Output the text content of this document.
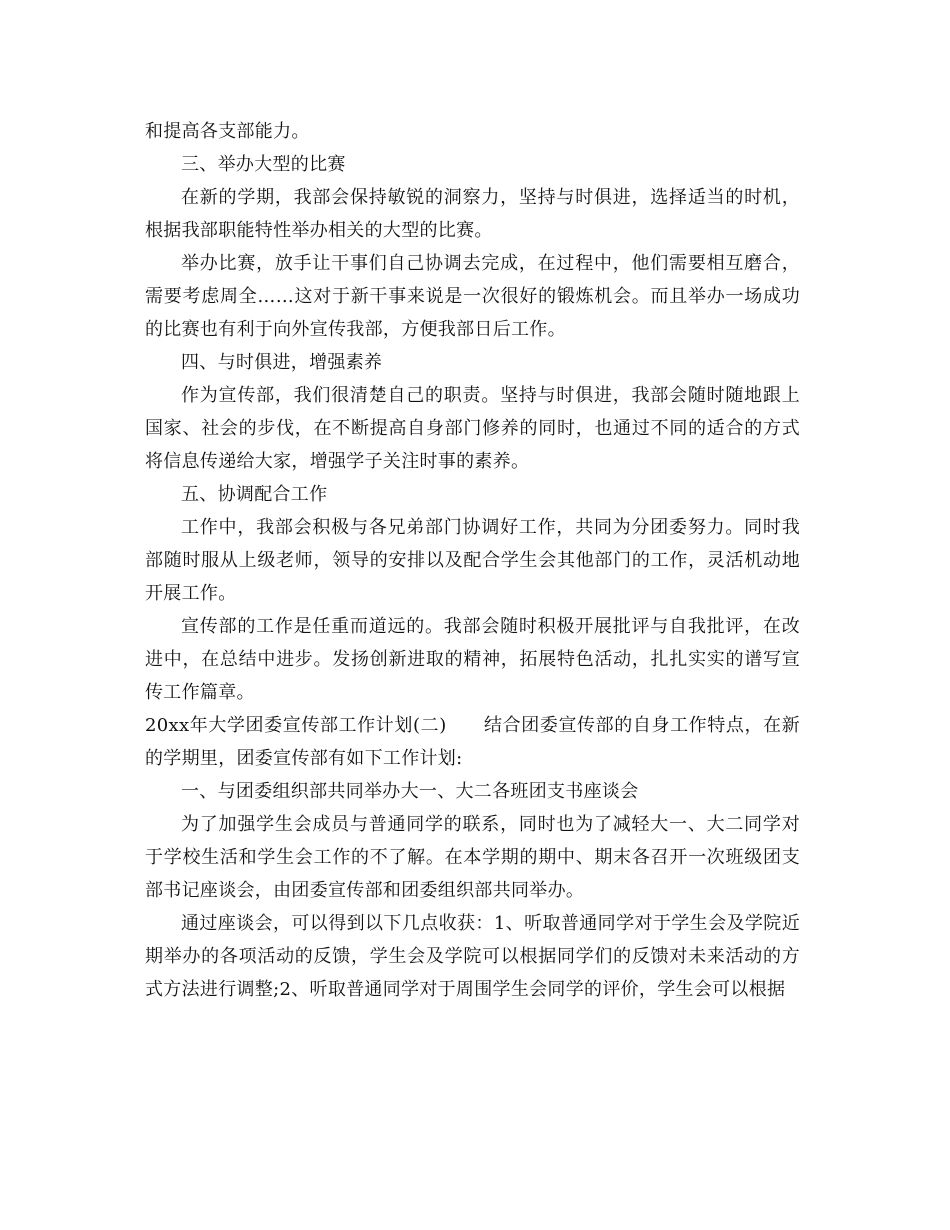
和提高各支部能力。

三、举办大型的比赛

在新的学期，我部会保持敏锐的洞察力，坚持与时俱进，选择适当的时机，根据我部职能特性举办相关的大型的比赛。

举办比赛，放手让干事们自己协调去完成，在过程中，他们需要相互磨合，需要考虑周全……这对于新干事来说是一次很好的锻炼机会。而且举办一场成功的比赛也有利于向外宣传我部，方便我部日后工作。

四、与时俱进，增强素养

作为宣传部，我们很清楚自己的职责。坚持与时俱进，我部会随时随地跟上国家、社会的步伐，在不断提高自身部门修养的同时，也通过不同的适合的方式将信息传递给大家，增强学子关注时事的素养。

五、协调配合工作

工作中，我部会积极与各兄弟部门协调好工作，共同为分团委努力。同时我部随时服从上级老师，领导的安排以及配合学生会其他部门的工作，灵活机动地开展工作。

宣传部的工作是任重而道远的。我部会随时积极开展批评与自我批评，在改进中，在总结中进步。发扬创新进取的精神，拓展特色活动，扎扎实实的谱写宣传工作篇章。

20xx年大学团委宣传部工作计划(二)　　结合团委宣传部的自身工作特点，在新的学期里，团委宣传部有如下工作计划:

一、与团委组织部共同举办大一、大二各班团支书座谈会

为了加强学生会成员与普通同学的联系，同时也为了减轻大一、大二同学对于学校生活和学生会工作的不了解。在本学期的期中、期末各召开一次班级团支部书记座谈会，由团委宣传部和团委组织部共同举办。

通过座谈会，可以得到以下几点收获：1、听取普通同学对于学生会及学院近期举办的各项活动的反馈，学生会及学院可以根据同学们的反馈对未来活动的方式方法进行调整;2、听取普通同学对于周围学生会同学的评价，学生会可以根据
